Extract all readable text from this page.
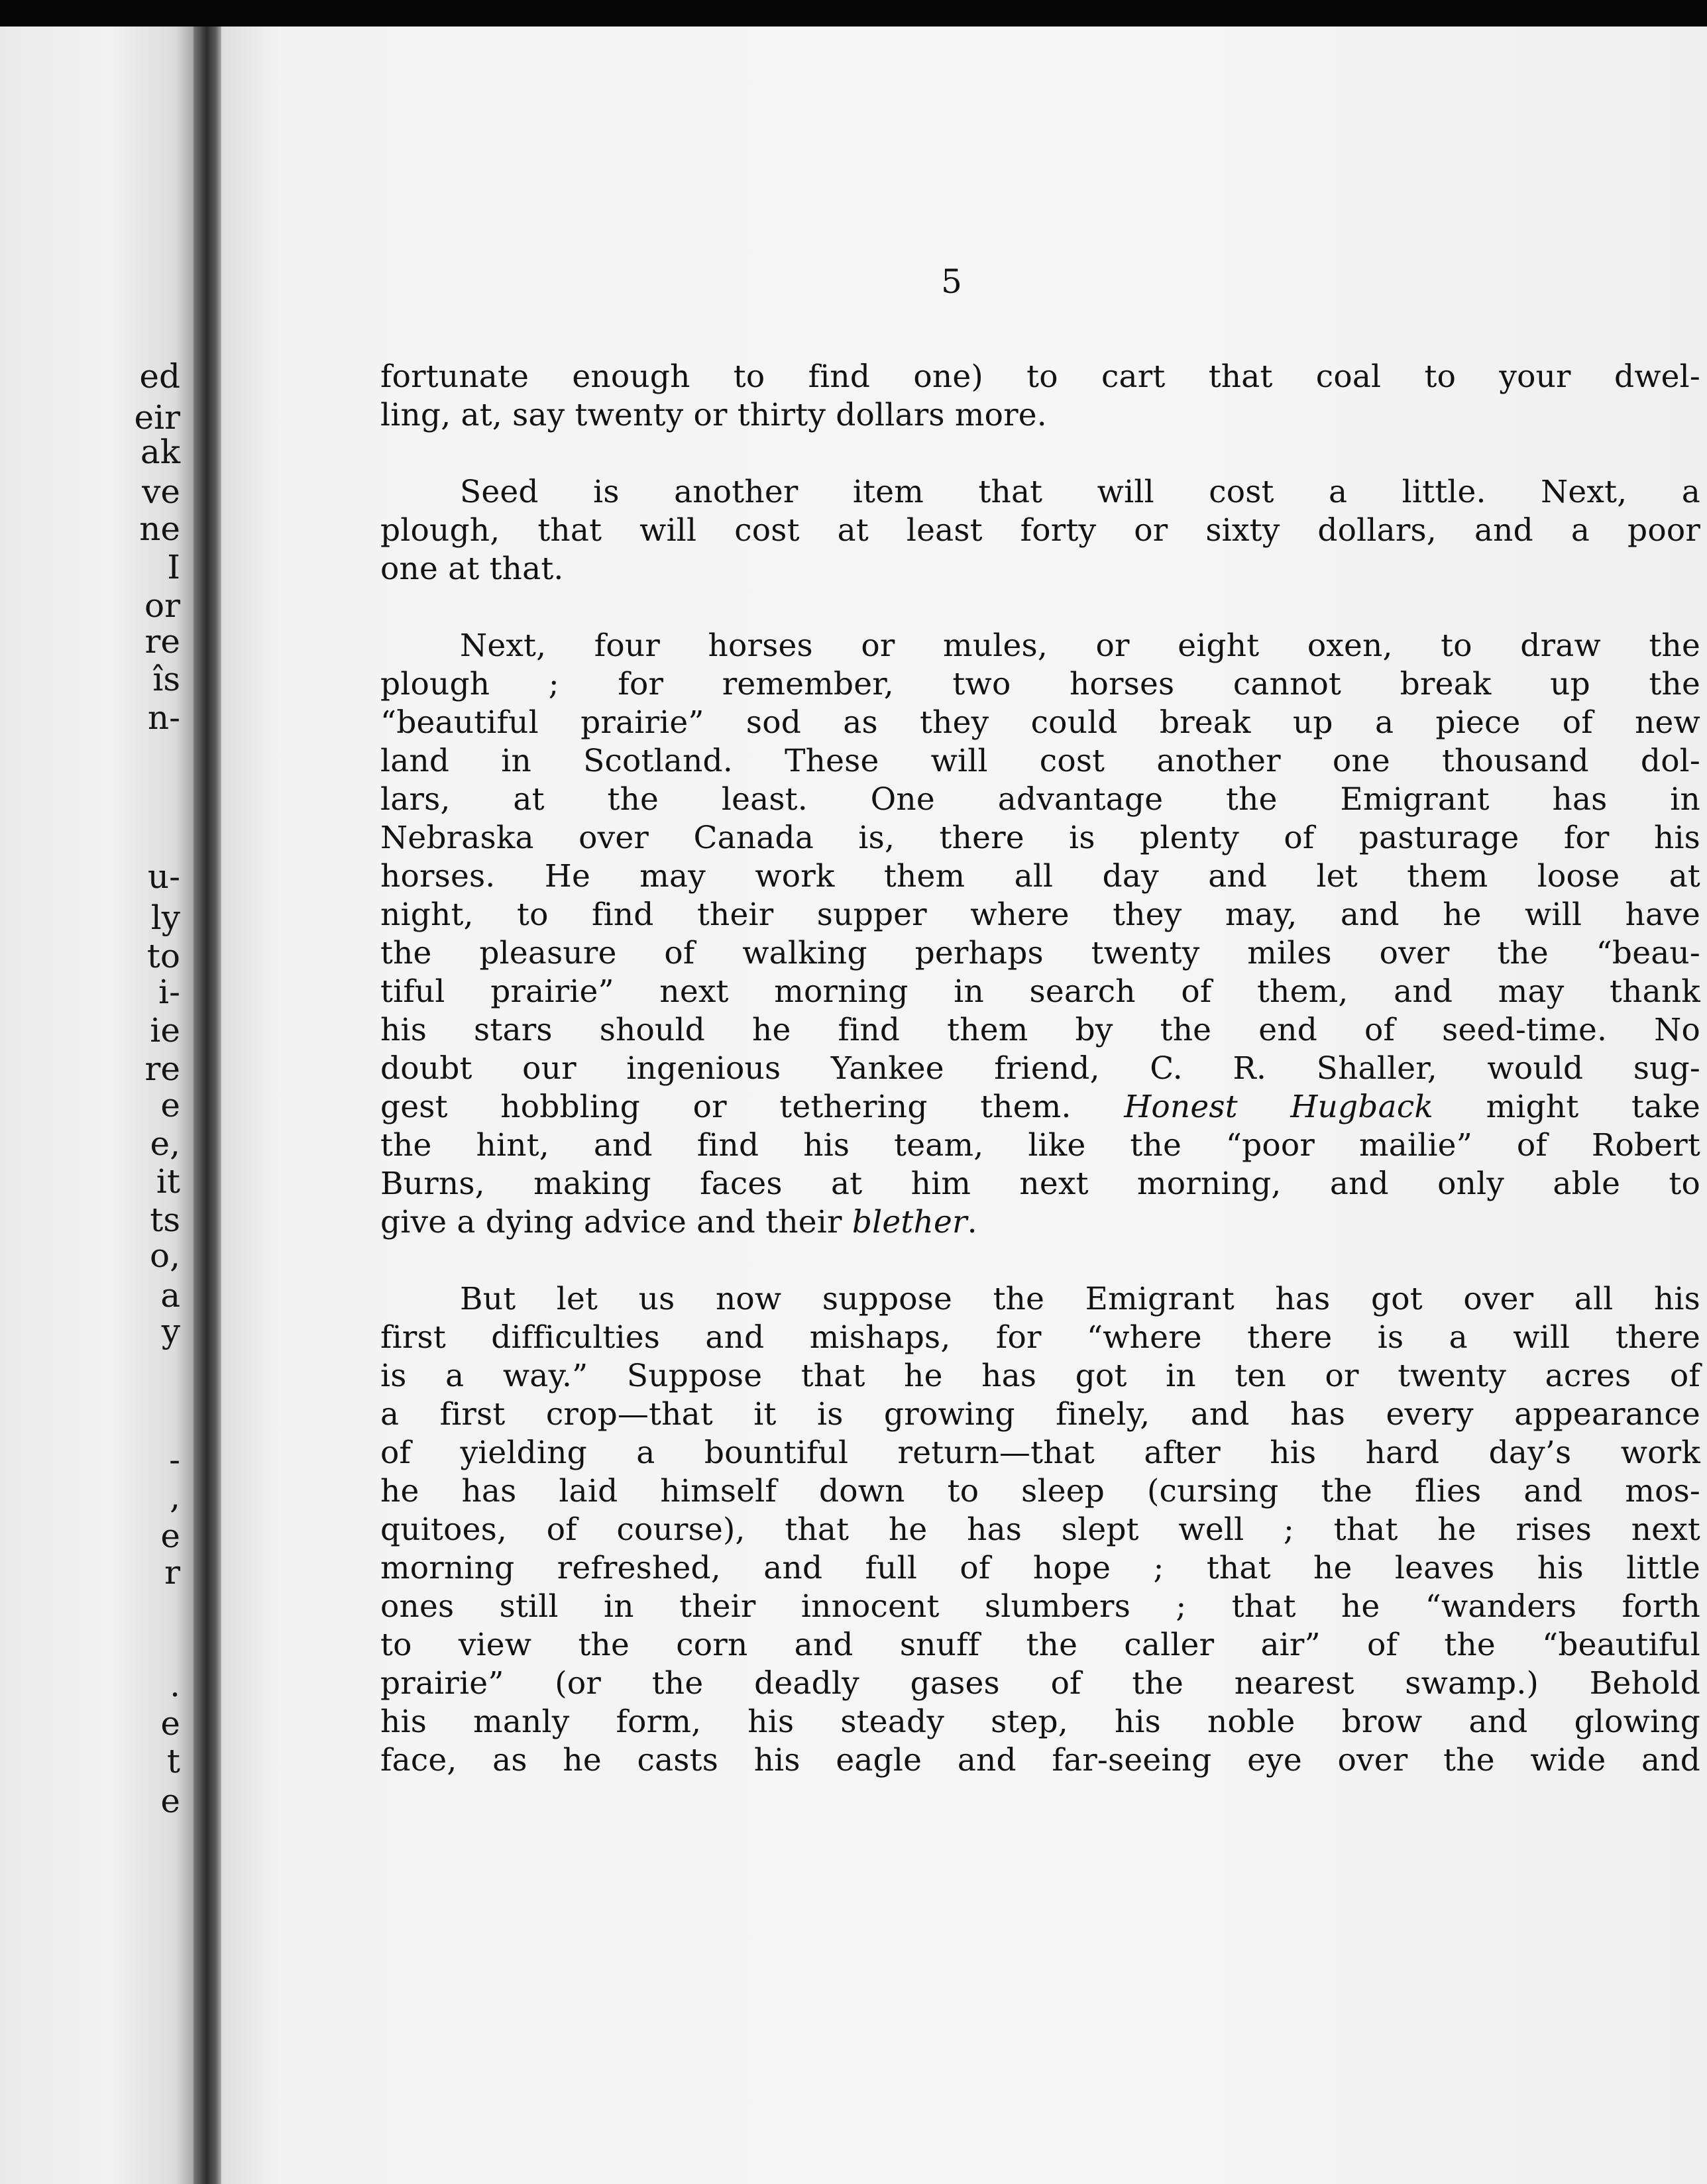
ed
eir
ak
ve
ne
I
or
re
îs
n-
u-
ly
to
i-
ie
re
e
e,
it
ts
o,
a
y
-
,
e
r
.
e
t
e
5
fortunate enough to find one) to cart that coal to your dwel-
ling, at, say twenty or thirty dollars more.
Seed is another item that will cost a little. Next, a
plough, that will cost at least forty or sixty dollars, and a poor
one at that.
Next, four horses or mules, or eight oxen, to draw the
plough ; for remember, two horses cannot break up the
“beautiful prairie” sod as they could break up a piece of new
land in Scotland. These will cost another one thousand dol-
lars, at the least. One advantage the Emigrant has in
Nebraska over Canada is, there is plenty of pasturage for his
horses. He may work them all day and let them loose at
night, to find their supper where they may, and he will have
the pleasure of walking perhaps twenty miles over the “beau-
tiful prairie” next morning in search of them, and may thank
his stars should he find them by the end of seed-time. No
doubt our ingenious Yankee friend, C. R. Shaller, would sug-
gest hobbling or tethering them. Honest Hugback might take
the hint, and find his team, like the “poor mailie” of Robert
Burns, making faces at him next morning, and only able to
give a dying advice and their blether.
But let us now suppose the Emigrant has got over all his
first difficulties and mishaps, for “where there is a will there
is a way.” Suppose that he has got in ten or twenty acres of
a first crop—that it is growing finely, and has every appearance
of yielding a bountiful return—that after his hard day’s work
he has laid himself down to sleep (cursing the flies and mos-
quitoes, of course), that he has slept well ; that he rises next
morning refreshed, and full of hope ; that he leaves his little
ones still in their innocent slumbers ; that he “wanders forth
to view the corn and snuff the caller air” of the “beautiful
prairie” (or the deadly gases of the nearest swamp.) Behold
his manly form, his steady step, his noble brow and glowing
face, as he casts his eagle and far-seeing eye over the wide and
